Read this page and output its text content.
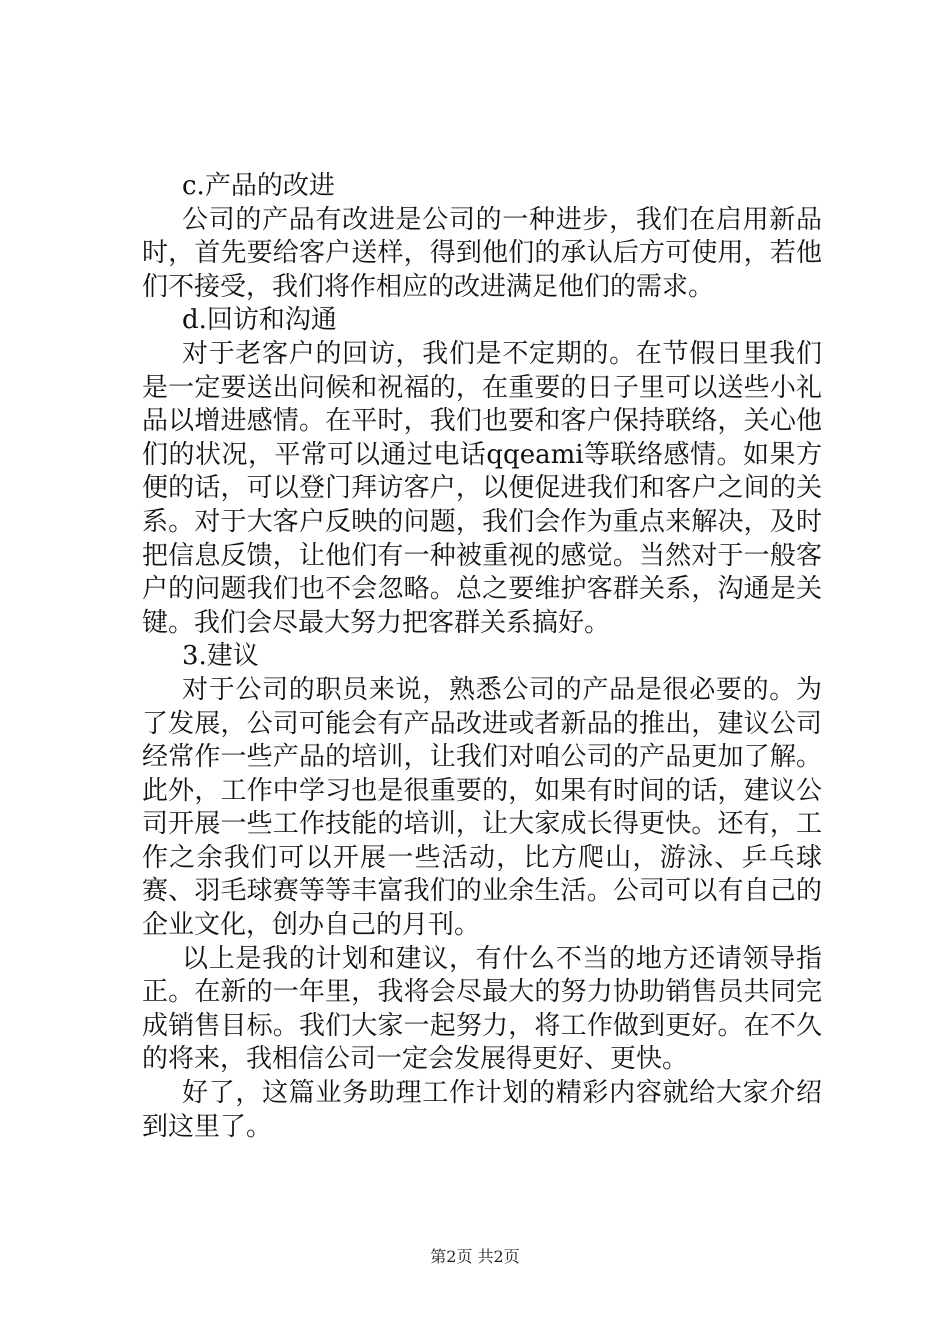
c.产品的改进

公司的产品有改进是公司的一种进步，我们在启用新品时，首先要给客户送样，得到他们的承认后方可使用，若他们不接受，我们将作相应的改进满足他们的需求。

d.回访和沟通

对于老客户的回访，我们是不定期的。在节假日里我们是一定要送出问候和祝福的，在重要的日子里可以送些小礼品以增进感情。在平时，我们也要和客户保持联络，关心他们的状况，平常可以通过电话qqeami等联络感情。如果方便的话，可以登门拜访客户，以便促进我们和客户之间的关系。对于大客户反映的问题，我们会作为重点来解决，及时把信息反馈，让他们有一种被重视的感觉。当然对于一般客户的问题我们也不会忽略。总之要维护客群关系，沟通是关键。我们会尽最大努力把客群关系搞好。

3.建议

对于公司的职员来说，熟悉公司的产品是很必要的。为了发展，公司可能会有产品改进或者新品的推出，建议公司经常作一些产品的培训，让我们对咱公司的产品更加了解。此外，工作中学习也是很重要的，如果有时间的话，建议公司开展一些工作技能的培训，让大家成长得更快。还有，工作之余我们可以开展一些活动，比方爬山，游泳、乒乓球赛、羽毛球赛等等丰富我们的业余生活。公司可以有自己的企业文化，创办自己的月刊。

以上是我的计划和建议，有什么不当的地方还请领导指正。在新的一年里，我将会尽最大的努力协助销售员共同完成销售目标。我们大家一起努力，将工作做到更好。在不久的将来，我相信公司一定会发展得更好、更快。

好了，这篇业务助理工作计划的精彩内容就给大家介绍到这里了。

第2页 共2页
